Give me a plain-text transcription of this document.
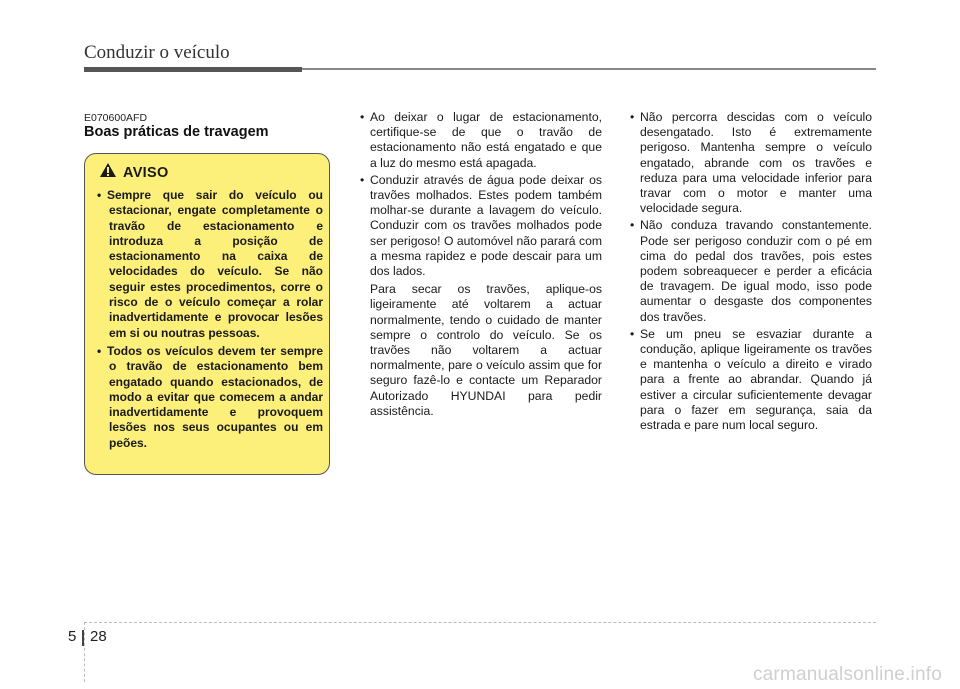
Conduzir o veículo
E070600AFD
Boas práticas de travagem
AVISO
• Sempre que sair do veículo ou estacionar, engate completamente o travão de estacionamento e introduza a posição de estacionamento na caixa de velocidades do veículo. Se não seguir estes procedimentos, corre o risco de o veículo começar a rolar inadvertidamente e provocar lesões em si ou noutras pessoas.
• Todos os veículos devem ter sempre o travão de estacionamento bem engatado quando estacionados, de modo a evitar que comecem a andar inadvertidamente e provoquem lesões nos seus ocupantes ou em peões.
• Ao deixar o lugar de estacionamento, certifique-se de que o travão de estacionamento não está engatado e que a luz do mesmo está apagada.
• Conduzir através de água pode deixar os travões molhados. Estes podem também molhar-se durante a lavagem do veículo. Conduzir com os travões molhados pode ser perigoso! O automóvel não parará com a mesma rapidez e pode descair para um dos lados.

Para secar os travões, aplique-os ligeiramente até voltarem a actuar normalmente, tendo o cuidado de manter sempre o controlo do veículo. Se os travões não voltarem a actuar normalmente, pare o veículo assim que for seguro fazê-lo e contacte um Reparador Autorizado HYUNDAI para pedir assistência.

• Não percorra descidas com o veículo desengatado. Isto é extremamente perigoso. Mantenha sempre o veículo engatado, abrande com os travões e reduza para uma velocidade inferior para travar com o motor e manter uma velocidade segura.
• Não conduza travando constantemente. Pode ser perigoso conduzir com o pé em cima do pedal dos travões, pois estes podem sobreaquecer e perder a eficácia de travagem. De igual modo, isso pode aumentar o desgaste dos componentes dos travões.
• Se um pneu se esvaziar durante a condução, aplique ligeiramente os travões e mantenha o veículo a direito e virado para a frente ao abrandar. Quando já estiver a circular suficientemente devagar para o fazer em segurança, saia da estrada e pare num local seguro.
5 28
carmanualsonline.info
